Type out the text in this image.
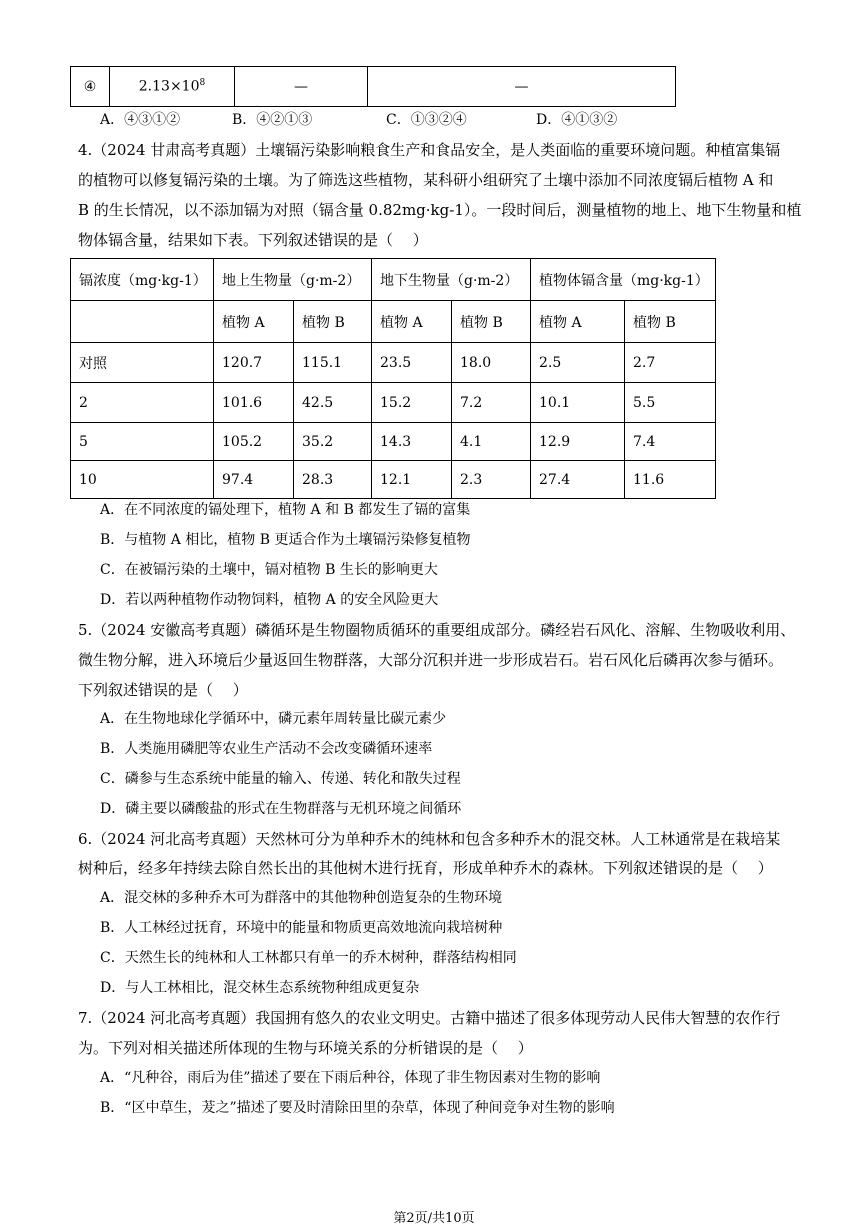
④	$2.13\times 10^8$	—	—
A．④③①②	B．④②①③	C．①③②④	D．④①③②
4.（2024 甘肃高考真题）土壤镉污染影响粮食生产和食品安全，是人类面临的重要环境问题。种植富集镉
的植物可以修复镉污染的土壤。为了筛选这些植物，某科研小组研究了土壤中添加不同浓度镉后植物 A 和
B 的生长情况，以不添加镉为对照（镉含量 0.82mg·kg-1）。一段时间后，测量植物的地上、地下生物量和植
物体镉含量，结果如下表。下列叙述错误的是（　 ）
镉浓度（mg·kg-1）	地上生物量（g·m-2）		地下生物量（g·m-2）		植物体镉含量（mg·kg-1）	
	植物 A	植物 B	植物 A	植物 B	植物 A	植物 B
对照	120.7	115.1	23.5	18.0	2.5	2.7
2	101.6	42.5	15.2	7.2	10.1	5.5
5	105.2	35.2	14.3	4.1	12.9	7.4
10	97.4	28.3	12.1	2.3	27.4	11.6
A．在不同浓度的镉处理下，植物 A 和 B 都发生了镉的富集
B．与植物 A 相比，植物 B 更适合作为土壤镉污染修复植物
C．在被镉污染的土壤中，镉对植物 B 生长的影响更大
D．若以两种植物作动物饲料，植物 A 的安全风险更大
5.（2024 安徽高考真题）磷循环是生物圈物质循环的重要组成部分。磷经岩石风化、溶解、生物吸收利用、
微生物分解，进入环境后少量返回生物群落，大部分沉积并进一步形成岩石。岩石风化后磷再次参与循环。
下列叙述错误的是（　 ）
A．在生物地球化学循环中，磷元素年周转量比碳元素少
B．人类施用磷肥等农业生产活动不会改变磷循环速率
C．磷参与生态系统中能量的输入、传递、转化和散失过程
D．磷主要以磷酸盐的形式在生物群落与无机环境之间循环
6.（2024 河北高考真题）天然林可分为单种乔木的纯林和包含多种乔木的混交林。人工林通常是在栽培某
树种后，经多年持续去除自然长出的其他树木进行抚育，形成单种乔木的森林。下列叙述错误的是（　 ）
A．混交林的多种乔木可为群落中的其他物种创造复杂的生物环境
B．人工林经过抚育，环境中的能量和物质更高效地流向栽培树种
C．天然生长的纯林和人工林都只有单一的乔木树种，群落结构相同
D．与人工林相比，混交林生态系统物种组成更复杂
7.（2024 河北高考真题）我国拥有悠久的农业文明史。古籍中描述了很多体现劳动人民伟大智慧的农作行
为。下列对相关描述所体现的生物与环境关系的分析错误的是（　 ）
A．“凡种谷，雨后为佳”描述了要在下雨后种谷，体现了非生物因素对生物的影响
B．“区中草生，茇之”描述了要及时清除田里的杂草，体现了种间竞争对生物的影响
第2页/共10页
